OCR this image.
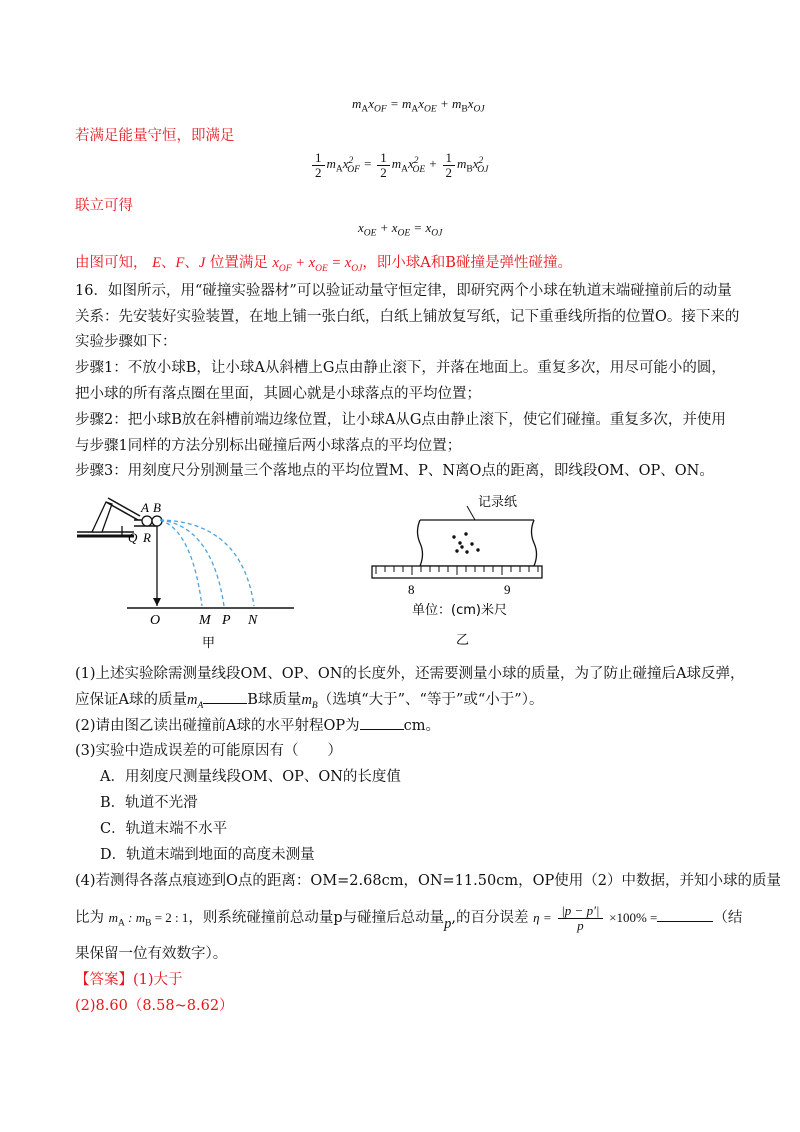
$m_Ax_{OF} = m_Ax_{OE} + m_Bx_{OJ}$
若满足能量守恒，即满足
$\frac{1}{2} m_Ax^2_{OF} = \frac{1}{2} m_Ax^2_{OE} + \frac{1}{2} m_Bx^2_{OJ}$
联立可得
$x_{OE} + x_{OE} = x_{OJ}$
由图可知， E、F、J 位置满足 $x_{OF} + x_{OE} = x_{OJ}$，即小球A和B碰撞是弹性碰撞。
16．如图所示，用“碰撞实验器材”可以验证动量守恒定律，即研究两个小球在轨道末端碰撞前后的动量
关系：先安装好实验装置，在地上铺一张白纸，白纸上铺放复写纸，记下重垂线所指的位置O。接下来的
实验步骤如下：
步骤1：不放小球B，让小球A从斜槽上G点由静止滚下，并落在地面上。重复多次，用尽可能小的圆，
把小球的所有落点圈在里面，其圆心就是小球落点的平均位置；
步骤2：把小球B放在斜槽前端边缘位置，让小球A从G点由静止滚下，使它们碰撞。重复多次，并使用
与步骤1同样的方法分别标出碰撞后两小球落点的平均位置；
步骤3：用刻度尺分别测量三个落地点的平均位置M、P、N离O点的距离，即线段OM、OP、ON。
A B
Q R
O	M P N
甲
记录纸
8	9
单位：(cm)米尺
乙
(1)上述实验除需测量线段OM、OP、ON的长度外，还需要测量小球的质量，为了防止碰撞后A球反弹，
应保证A球的质量$m_A$	B球质量$m_B$（选填“大于”、“等于”或“小于”）。
(2)请由图乙读出碰撞前A球的水平射程OP为	cm。
(3)实验中造成误差的可能原因有（　　）
A．用刻度尺测量线段OM、OP、ON的长度值
B．轨道不光滑
C．轨道末端不水平
D．轨道末端到地面的高度未测量
(4)若测得各落点痕迹到O点的距离：OM=2.68cm，ON=11.50cm，OP使用（2）中数据，并知小球的质量
比为 $m_A$ : $m_B = 2$ : 1，则系统碰撞前总动量p与碰撞后总动量p,的百分误差 $\eta = \frac{|p - p'|}{p} \times 100\%$ =	（结
果保留一位有效数字）。
【答案】(1)大于
(2)8.60（8.58~8.62）
